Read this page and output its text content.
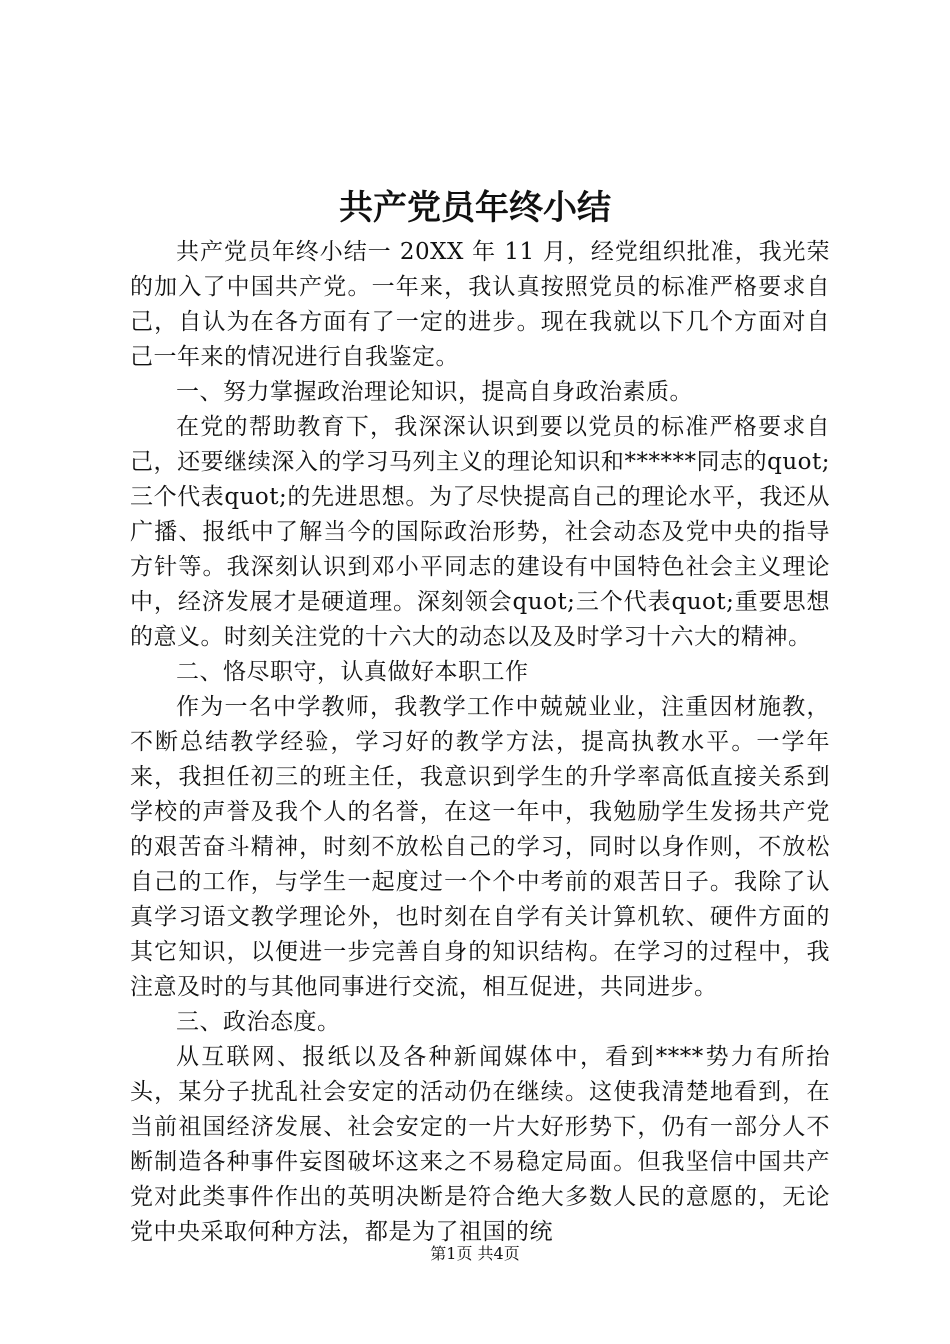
共产党员年终小结

共产党员年终小结一 20XX 年 11 月，经党组织批准，我光荣的加入了中国共产党。一年来，我认真按照党员的标准严格要求自己，自认为在各方面有了一定的进步。现在我就以下几个方面对自己一年来的情况进行自我鉴定。

一、努力掌握政治理论知识，提高自身政治素质。

在党的帮助教育下，我深深认识到要以党员的标准严格要求自己，还要继续深入的学习马列主义的理论知识和******同志的quot;三个代表quot;的先进思想。为了尽快提高自己的理论水平，我还从广播、报纸中了解当今的国际政治形势，社会动态及党中央的指导方针等。我深刻认识到邓小平同志的建设有中国特色社会主义理论中，经济发展才是硬道理。深刻领会quot;三个代表quot;重要思想的意义。时刻关注党的十六大的动态以及及时学习十六大的精神。

二、恪尽职守，认真做好本职工作

作为一名中学教师，我教学工作中兢兢业业，注重因材施教，不断总结教学经验，学习好的教学方法，提高执教水平。一学年来，我担任初三的班主任，我意识到学生的升学率高低直接关系到学校的声誉及我个人的名誉，在这一年中，我勉励学生发扬共产党的艰苦奋斗精神，时刻不放松自己的学习，同时以身作则，不放松自己的工作，与学生一起度过一个个中考前的艰苦日子。我除了认真学习语文教学理论外，也时刻在自学有关计算机软、硬件方面的其它知识，以便进一步完善自身的知识结构。在学习的过程中，我注意及时的与其他同事进行交流，相互促进，共同进步。

三、政治态度。

从互联网、报纸以及各种新闻媒体中，看到****势力有所抬头，某分子扰乱社会安定的活动仍在继续。这使我清楚地看到，在当前祖国经济发展、社会安定的一片大好形势下，仍有一部分人不断制造各种事件妄图破坏这来之不易稳定局面。但我坚信中国共产党对此类事件作出的英明决断是符合绝大多数人民的意愿的，无论党中央采取何种方法，都是为了祖国的统

第1页 共4页
